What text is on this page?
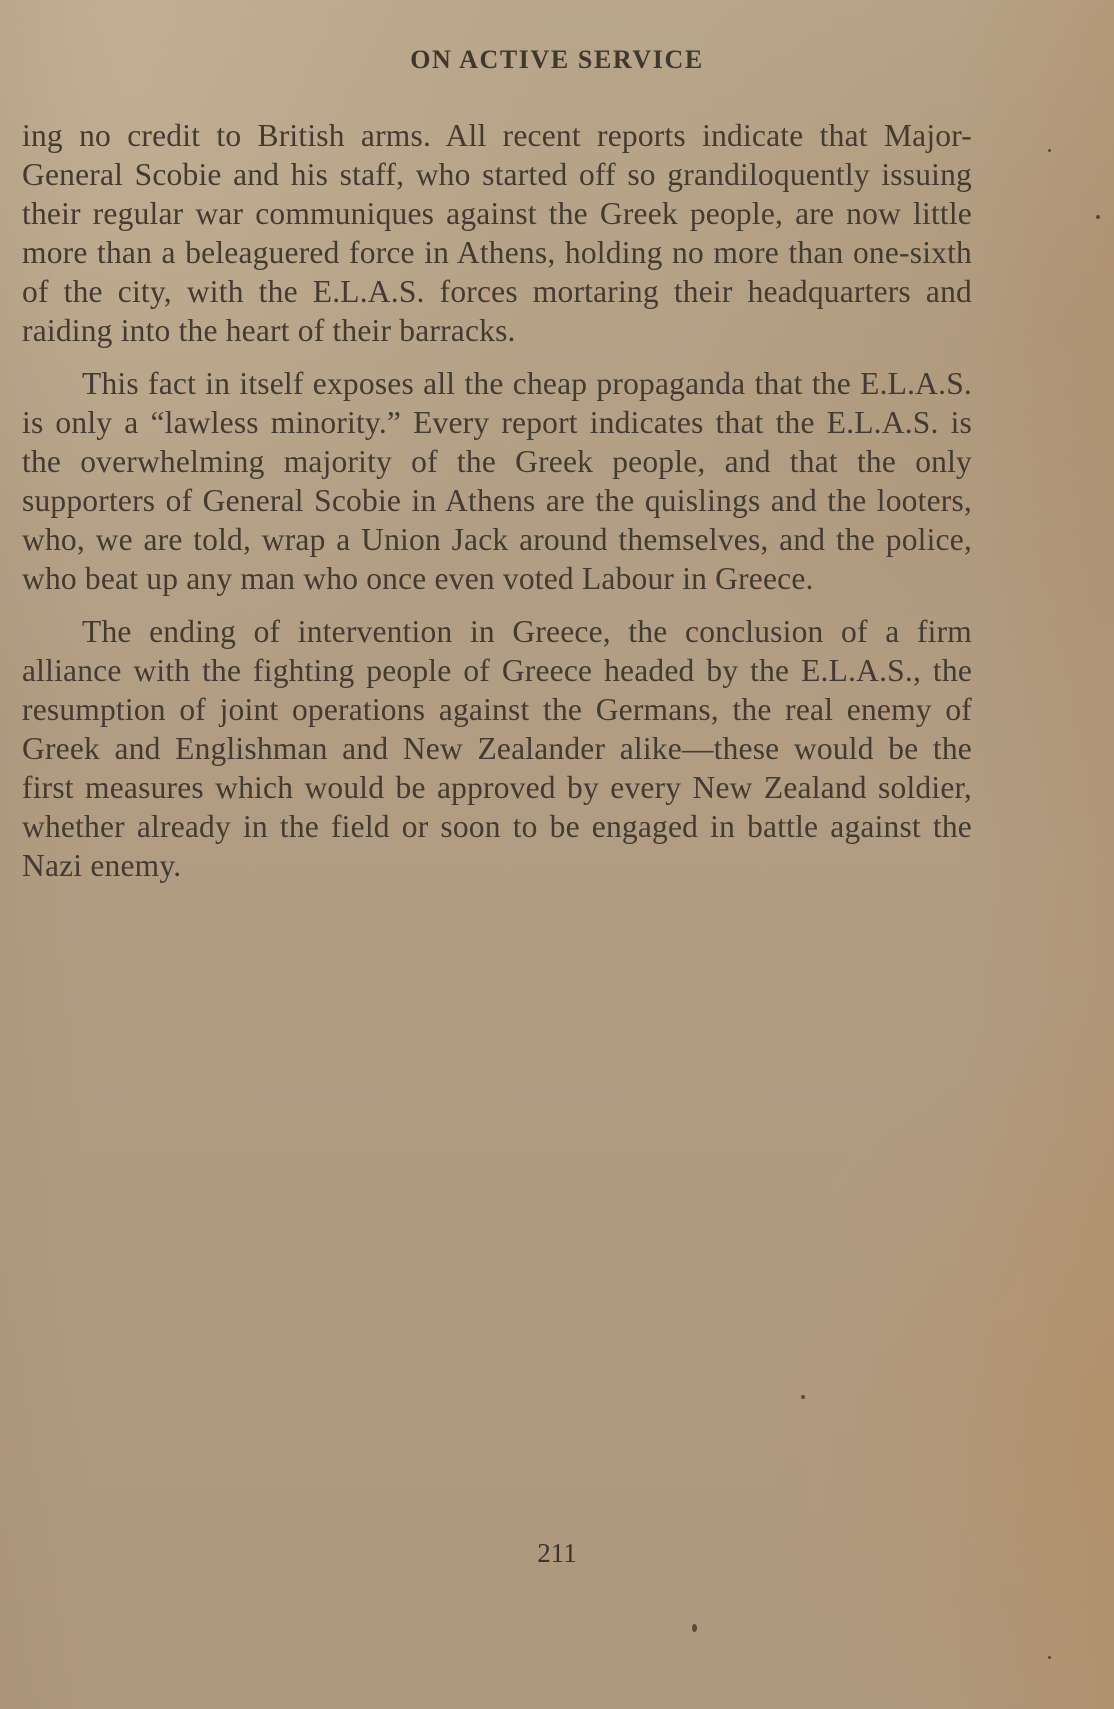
ON ACTIVE SERVICE

ing no credit to British arms. All recent reports indicate that Major-General Scobie and his staff, who started off so grandiloquently issuing their regular war communiques against the Greek people, are now little more than a beleaguered force in Athens, holding no more than one-sixth of the city, with the E.L.A.S. forces mortaring their headquarters and raiding into the heart of their barracks.

This fact in itself exposes all the cheap propaganda that the E.L.A.S. is only a “lawless minority.” Every report indicates that the E.L.A.S. is the overwhelming majority of the Greek people, and that the only supporters of General Scobie in Athens are the quislings and the looters, who, we are told, wrap a Union Jack around themselves, and the police, who beat up any man who once even voted Labour in Greece.

The ending of intervention in Greece, the conclusion of a firm alliance with the fighting people of Greece headed by the E.L.A.S., the resumption of joint operations against the Germans, the real enemy of Greek and Englishman and New Zealander alike—these would be the first measures which would be approved by every New Zealand soldier, whether already in the field or soon to be engaged in battle against the Nazi enemy.

211
